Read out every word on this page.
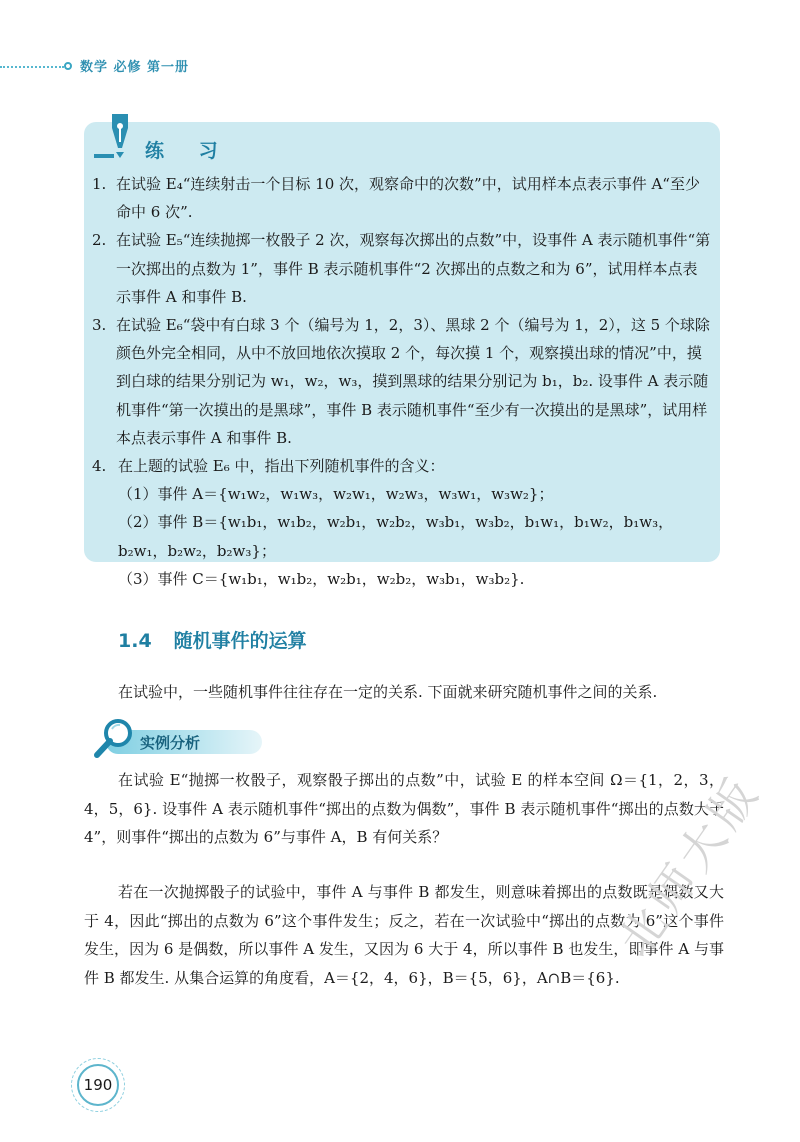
数学 必修 第一册
练 习
1. 在试验 E₄“连续射击一个目标 10 次，观察命中的次数”中，试用样本点表示事件 A“至少命中 6 次”.
2. 在试验 E₅“连续抛掷一枚骰子 2 次，观察每次掷出的点数”中，设事件 A 表示随机事件“第一次掷出的点数为 1”，事件 B 表示随机事件“2 次掷出的点数之和为 6”，试用样本点表示事件 A 和事件 B.
3. 在试验 E₆“袋中有白球 3 个（编号为 1，2，3）、黑球 2 个（编号为 1，2），这 5 个球除颜色外完全相同，从中不放回地依次摸取 2 个，每次摸 1 个，观察摸出球的情况”中，摸到白球的结果分别记为 w₁，w₂，w₃，摸到黑球的结果分别记为 b₁，b₂. 设事件 A 表示随机事件“第一次摸出的是黑球”，事件 B 表示随机事件“至少有一次摸出的是黑球”，试用样本点表示事件 A 和事件 B.
4. 在上题的试验 E₆ 中，指出下列随机事件的含义：
（1）事件 A＝{w₁w₂，w₁w₃，w₂w₁，w₂w₃，w₃w₁，w₃w₂}；
（2）事件 B＝{w₁b₁，w₁b₂，w₂b₁，w₂b₂，w₃b₁，w₃b₂，b₁w₁，b₁w₂，b₁w₃，b₂w₁，b₂w₂，b₂w₃}；
（3）事件 C＝{w₁b₁，w₁b₂，w₂b₁，w₂b₂，w₃b₁，w₃b₂}.
1.4 随机事件的运算
在试验中，一些随机事件往往存在一定的关系. 下面就来研究随机事件之间的关系.
实例分析

在试验 E“抛掷一枚骰子，观察骰子掷出的点数”中，试验 E 的样本空间 Ω＝{1，2，3，4，5，6}. 设事件 A 表示随机事件“掷出的点数为偶数”，事件 B 表示随机事件“掷出的点数大于 4”，则事件“掷出的点数为 6”与事件 A，B 有何关系？

若在一次抛掷骰子的试验中，事件 A 与事件 B 都发生，则意味着掷出的点数既是偶数又大于 4，因此“掷出的点数为 6”这个事件发生；反之，若在一次试验中“掷出的点数为 6”这个事件发生，因为 6 是偶数，所以事件 A 发生，又因为 6 大于 4，所以事件 B 也发生，即事件 A 与事件 B 都发生. 从集合运算的角度看，A＝{2，4，6}，B＝{5，6}，A∩B＝{6}.

190
北师大版
